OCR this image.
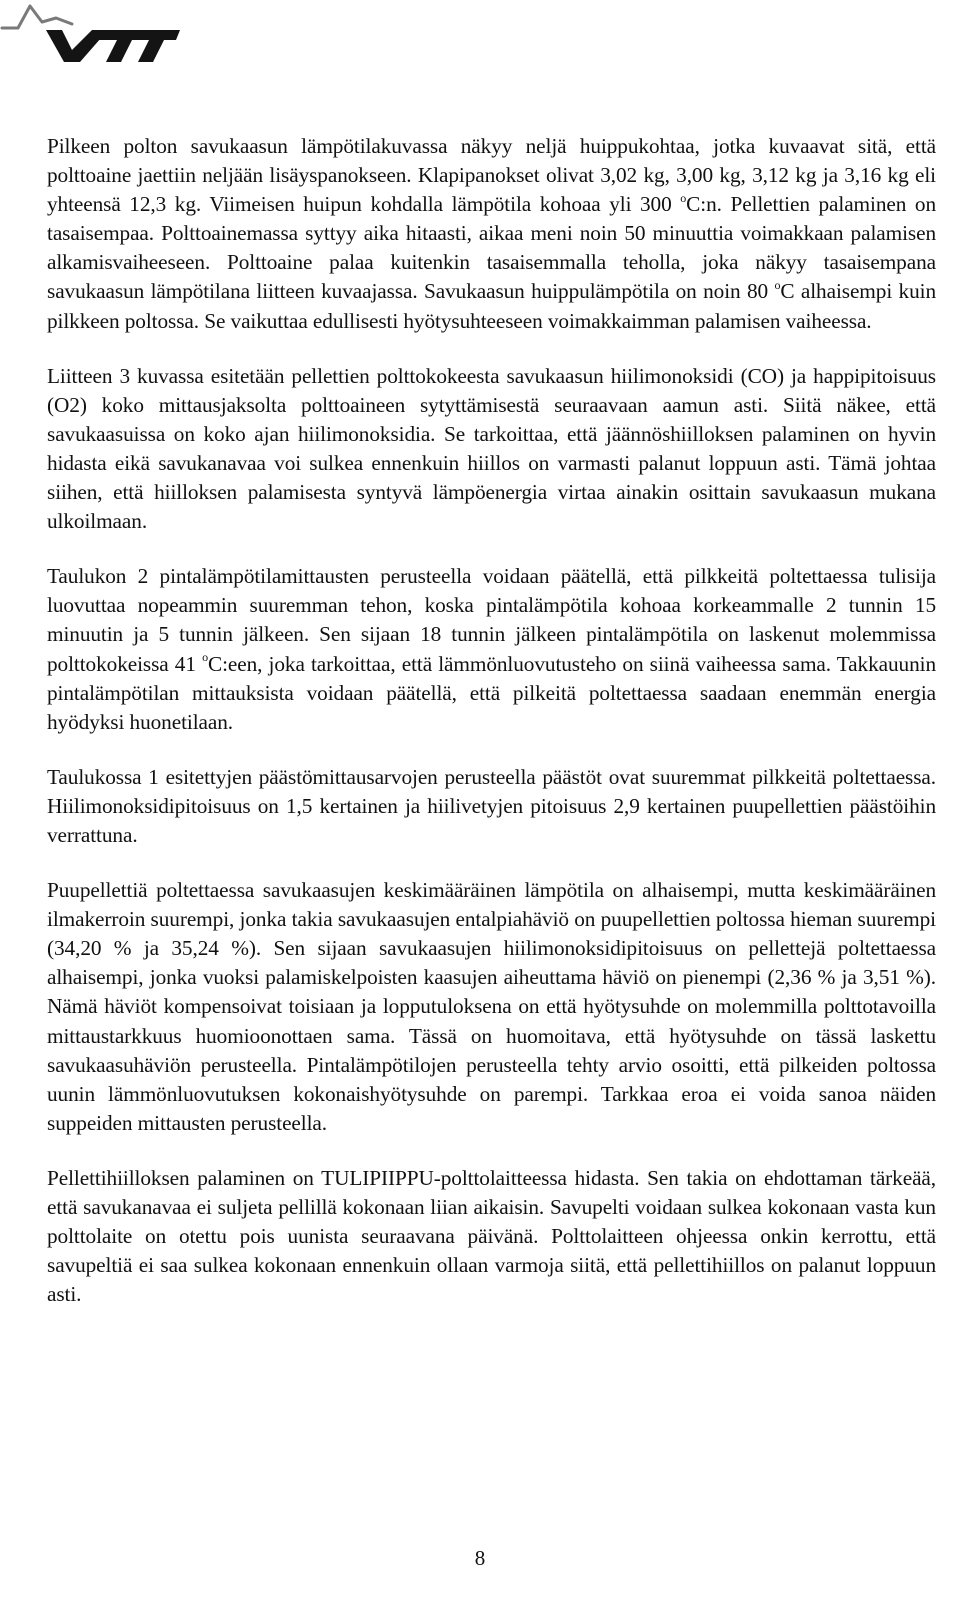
Pilkeen polton savukaasun lämpötilakuvassa näkyy neljä huippukohtaa, jotka kuvaavat sitä, että polttoaine jaettiin neljään lisäyspanokseen. Klapipanokset olivat 3,02 kg, 3,00 kg, 3,12 kg ja 3,16 kg eli yhteensä 12,3 kg. Viimeisen huipun kohdalla lämpötila kohoaa yli 300 $^o$C:n. Pellettien palaminen on tasaisempaa. Polttoainemassa syttyy aika hitaasti, aikaa meni noin 50 minuuttia voimakkaan palamisen alkamisvaiheeseen. Polttoaine palaa kuitenkin tasaisemmalla teholla, joka näkyy tasaisempana savukaasun lämpötilana liitteen kuvaajassa. Savukaasun huippulämpötila on noin 80 $^o$C alhaisempi kuin pilkkeen poltossa. Se vaikuttaa edullisesti hyötysuhteeseen voimakkaimman palamisen vaiheessa.

Liitteen 3 kuvassa esitetään pellettien polttokokeesta savukaasun hiilimonoksidi (CO) ja happipitoisuus (O2) koko mittausjaksolta polttoaineen sytyttämisestä seuraavaan aamun asti. Siitä näkee, että savukaasuissa on koko ajan hiilimonoksidia. Se tarkoittaa, että jäännöshiilloksen palaminen on hyvin hidasta eikä savukanavaa voi sulkea ennenkuin hiillos on varmasti palanut loppuun asti. Tämä johtaa siihen, että hiilloksen palamisesta syntyvä lämpöenergia virtaa ainakin osittain savukaasun mukana ulkoilmaan.

Taulukon 2 pintalämpötilamittausten perusteella voidaan päätellä, että pilkkeitä poltettaessa tulisija luovuttaa nopeammin suuremman tehon, koska pintalämpötila kohoaa korkeammalle 2 tunnin 15 minuutin ja 5 tunnin jälkeen. Sen sijaan 18 tunnin jälkeen pintalämpötila on laskenut molemmissa polttokokeissa 41 $^o$C:een, joka tarkoittaa, että lämmönluovutusteho on siinä vaiheessa sama. Takkauunin pintalämpötilan mittauksista voidaan päätellä, että pilkeitä poltettaessa saadaan enemmän energia hyödyksi huonetilaan.

Taulukossa 1 esitettyjen päästömittausarvojen perusteella päästöt ovat suuremmat pilkkeitä poltettaessa. Hiilimonoksidipitoisuus on 1,5 kertainen ja hiilivetyjen pitoisuus 2,9 kertainen puupellettien päästöihin verrattuna.

Puupellettiä poltettaessa savukaasujen keskimääräinen lämpötila on alhaisempi, mutta keskimääräinen ilmakerroin suurempi, jonka takia savukaasujen entalpiahäviö on puupellettien poltossa hieman suurempi (34,20 % ja 35,24 %). Sen sijaan savukaasujen hiilimonoksidipitoisuus on pellettejä poltettaessa alhaisempi, jonka vuoksi palamiskelpoisten kaasujen aiheuttama häviö on pienempi (2,36 % ja 3,51 %). Nämä häviöt kompensoivat toisiaan ja lopputuloksena on että hyötysuhde on molemmilla polttotavoilla mittaustarkkuus huomioonottaen sama. Tässä on huomoitava, että hyötysuhde on tässä laskettu savukaasuhäviön perusteella. Pintalämpötilojen perusteella tehty arvio osoitti, että pilkeiden poltossa uunin lämmönluovutuksen kokonaishyötysuhde on parempi. Tarkkaa eroa ei voida sanoa näiden suppeiden mittausten perusteella.

Pellettihiilloksen palaminen on TULIPIIPPU-polttolaitteessa hidasta. Sen takia on ehdottaman tärkeää, että savukanavaa ei suljeta pellillä kokonaan liian aikaisin. Savupelti voidaan sulkea kokonaan vasta kun polttolaite on otettu pois uunista seuraavana päivänä. Polttolaitteen ohjeessa onkin kerrottu, että savupeltiä ei saa sulkea kokonaan ennenkuin ollaan varmoja siitä, että pellettihiillos on palanut loppuun asti.

8
